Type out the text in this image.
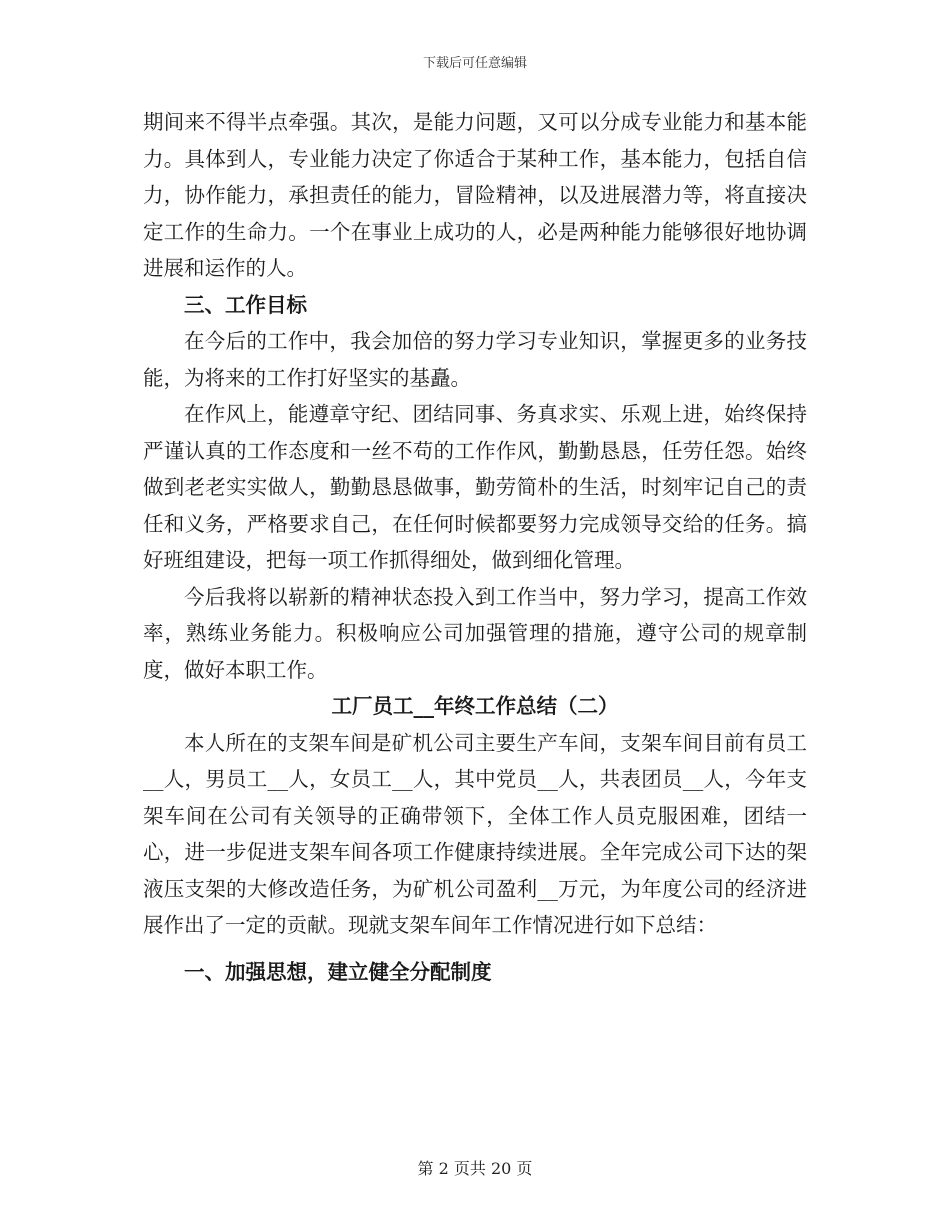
下载后可任意编辑

期间来不得半点牵强。其次，是能力问题，又可以分成专业能力和基本能力。具体到人，专业能力决定了你适合于某种工作，基本能力，包括自信力，协作能力，承担责任的能力，冒险精神，以及进展潜力等，将直接决定工作的生命力。一个在事业上成功的人，必是两种能力能够很好地协调进展和运作的人。

三、工作目标

在今后的工作中，我会加倍的努力学习专业知识，掌握更多的业务技能，为将来的工作打好坚实的基矗。

在作风上，能遵章守纪、团结同事、务真求实、乐观上进，始终保持严谨认真的工作态度和一丝不苟的工作作风，勤勤恳恳，任劳任怨。始终做到老老实实做人，勤勤恳恳做事，勤劳简朴的生活，时刻牢记自己的责任和义务，严格要求自己，在任何时候都要努力完成领导交给的任务。搞好班组建设，把每一项工作抓得细处，做到细化管理。

今后我将以崭新的精神状态投入到工作当中，努力学习，提高工作效率，熟练业务能力。积极响应公司加强管理的措施，遵守公司的规章制度，做好本职工作。

工厂员工__年终工作总结（二）

本人所在的支架车间是矿机公司主要生产车间，支架车间目前有员工__人，男员工__人，女员工__人，其中党员__人，共表团员__人，今年支架车间在公司有关领导的正确带领下，全体工作人员克服困难，团结一心，进一步促进支架车间各项工作健康持续进展。全年完成公司下达的架液压支架的大修改造任务，为矿机公司盈利__万元，为年度公司的经济进展作出了一定的贡献。现就支架车间年工作情况进行如下总结：

一、加强思想，建立健全分配制度

第 2 页共 20 页
